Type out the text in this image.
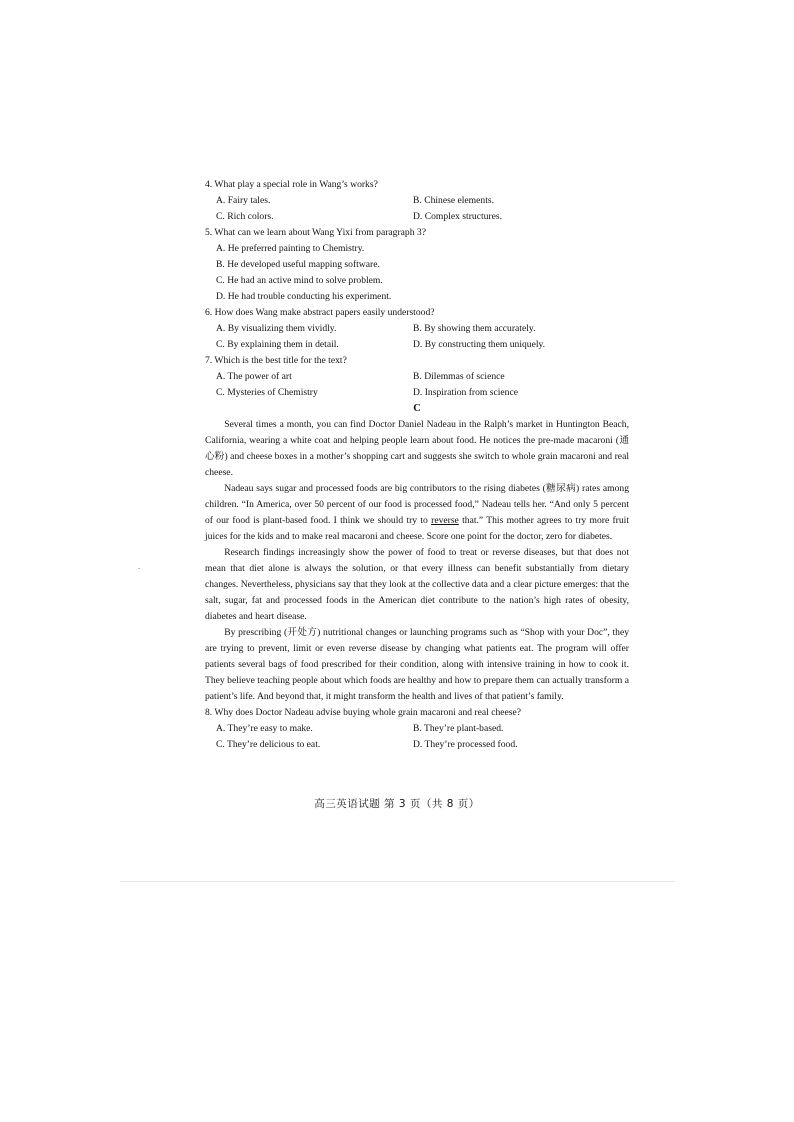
4. What play a special role in Wang’s works?
A. Fairy tales.	B. Chinese elements.
C. Rich colors.	D. Complex structures.
5. What can we learn about Wang Yixi from paragraph 3?
A. He preferred painting to Chemistry.
B. He developed useful mapping software.
C. He had an active mind to solve problem.
D. He had trouble conducting his experiment.
6. How does Wang make abstract papers easily understood?
A. By visualizing them vividly.	B. By showing them accurately.
C. By explaining them in detail.	D. By constructing them uniquely.
7. Which is the best title for the text?
A. The power of art	B. Dilemmas of science
C. Mysteries of Chemistry	D. Inspiration from science
C

Several times a month, you can find Doctor Daniel Nadeau in the Ralph’s market in Huntington Beach, California, wearing a white coat and helping people learn about food. He notices the pre-made macaroni (通心粉) and cheese boxes in a mother’s shopping cart and suggests she switch to whole grain macaroni and real cheese.

Nadeau says sugar and processed foods are big contributors to the rising diabetes (糖尿病) rates among children. “In America, over 50 percent of our food is processed food,” Nadeau tells her. “And only 5 percent of our food is plant-based food. I think we should try to reverse that.” This mother agrees to try more fruit juices for the kids and to make real macaroni and cheese. Score one point for the doctor, zero for diabetes.

Research findings increasingly show the power of food to treat or reverse diseases, but that does not mean that diet alone is always the solution, or that every illness can benefit substantially from dietary changes. Nevertheless, physicians say that they look at the collective data and a clear picture emerges: that the salt, sugar, fat and processed foods in the American diet contribute to the nation’s high rates of obesity, diabetes and heart disease.

By prescribing (开处方) nutritional changes or launching programs such as “Shop with your Doc”, they are trying to prevent, limit or even reverse disease by changing what patients eat. The program will offer patients several bags of food prescribed for their condition, along with intensive training in how to cook it. They believe teaching people about which foods are healthy and how to prepare them can actually transform a patient’s life. And beyond that, it might transform the health and lives of that patient’s family.

8. Why does Doctor Nadeau advise buying whole grain macaroni and real cheese?
A. They’re easy to make.	B. They’re plant-based.
C. They’re delicious to eat.	D. They’re processed food.
高三英语试题 第 3 页（共 8 页）
